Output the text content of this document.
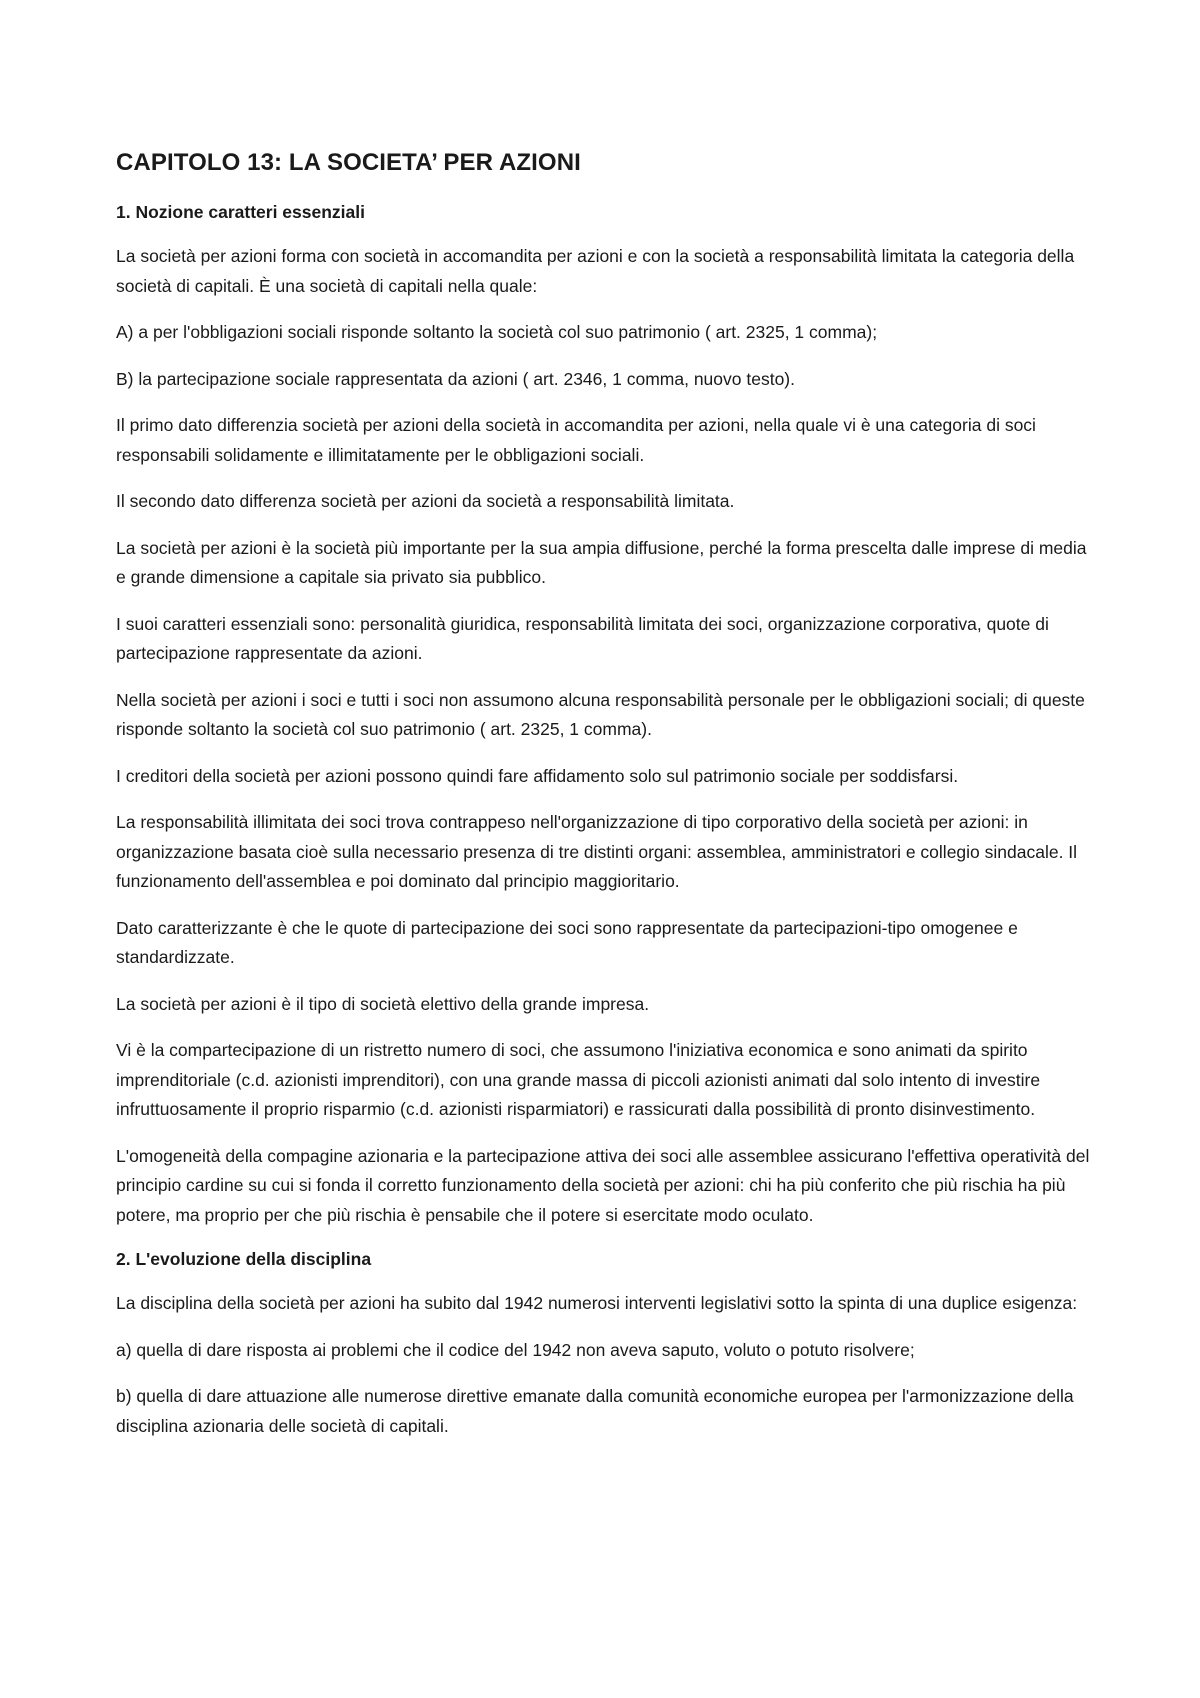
CAPITOLO 13: LA SOCIETA’ PER AZIONI
1. Nozione caratteri essenziali

La società per azioni forma con società in accomandita per azioni e con la società a responsabilità limitata la categoria della società di capitali. È una società di capitali nella quale:

A) a per l'obbligazioni sociali risponde soltanto la società col suo patrimonio ( art. 2325, 1 comma);

B) la partecipazione sociale rappresentata da azioni ( art. 2346, 1 comma, nuovo testo).

Il primo dato differenzia società per azioni della società in accomandita per azioni, nella quale vi è una categoria di soci responsabili solidamente e illimitatamente per le obbligazioni sociali.

Il secondo dato differenza società per azioni da società a responsabilità limitata.

La società per azioni è la società più importante per la sua ampia diffusione, perché la forma prescelta dalle imprese di media e grande dimensione a capitale sia privato sia pubblico.

I suoi caratteri essenziali sono: personalità giuridica, responsabilità limitata dei soci, organizzazione corporativa, quote di partecipazione rappresentate da azioni.

Nella società per azioni i soci e tutti i soci non assumono alcuna responsabilità personale per le obbligazioni sociali; di queste risponde soltanto la società col suo patrimonio ( art. 2325, 1 comma).

I creditori della società per azioni possono quindi fare affidamento solo sul patrimonio sociale per soddisfarsi.

La responsabilità illimitata dei soci trova contrappeso nell'organizzazione di tipo corporativo della società per azioni: in organizzazione basata cioè sulla necessario presenza di tre distinti organi: assemblea, amministratori e collegio sindacale. Il funzionamento dell'assemblea e poi dominato dal principio maggioritario.

Dato caratterizzante è che le quote di partecipazione dei soci sono rappresentate da partecipazioni-tipo omogenee e standardizzate.

La società per azioni è il tipo di società elettivo della grande impresa.

Vi è la compartecipazione di un ristretto numero di soci, che assumono l'iniziativa economica e sono animati da spirito imprenditoriale (c.d. azionisti imprenditori), con una grande massa di piccoli azionisti animati dal solo intento di investire infruttuosamente il proprio risparmio (c.d. azionisti risparmiatori) e rassicurati dalla possibilità di pronto disinvestimento.

L'omogeneità della compagine azionaria e la partecipazione attiva dei soci alle assemblee assicurano l'effettiva operatività del principio cardine su cui si fonda il corretto funzionamento della società per azioni: chi ha più conferito che più rischia ha più potere, ma proprio per che più rischia è pensabile che il potere si esercitate modo oculato.

2. L'evoluzione della disciplina

La disciplina della società per azioni ha subito dal 1942 numerosi interventi legislativi sotto la spinta di una duplice esigenza:

a) quella di dare risposta ai problemi che il codice del 1942 non aveva saputo, voluto o potuto risolvere;

b) quella di dare attuazione alle numerose direttive emanate dalla comunità economiche europea per l'armonizzazione della disciplina azionaria delle società di capitali.
